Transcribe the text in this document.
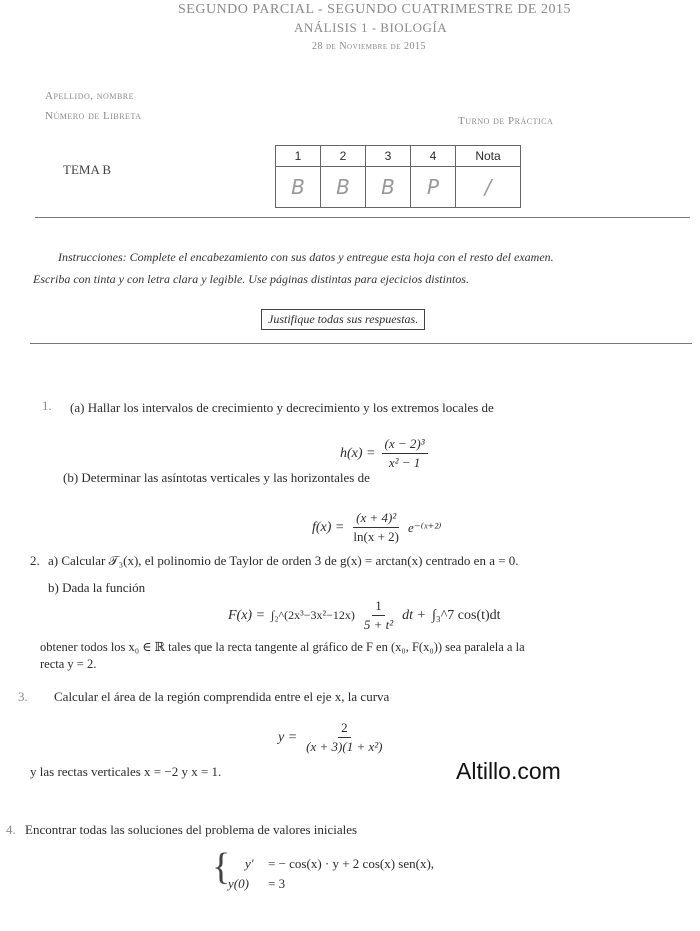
SEGUNDO PARCIAL - SEGUNDO CUATRIMESTRE DE 2015
ANÁLISIS 1 - BIOLOGÍA
28 de Noviembre de 2015
Apellido, nombre
Número de Libreta	Turno de Práctica
TEMA B
1	2	3	4	Nota
B	B	B	P	/
Instrucciones: Complete el encabezamiento con sus datos y entregue esta hoja con el resto del examen.
Escriba con tinta y con letra clara y legible. Use páginas distintas para ejecicios distintos.
Justifique todas sus respuestas.
1. (a) Hallar los intervalos de crecimiento y decrecimiento y los extremos locales de
$h(x) = \frac{\text{(x − 2)³}}{\text{x² − 1}}$
(b) Determinar las asíntotas verticales y las horizontales de
$f(x) = \frac{\text{(x + 4)²}}{\ln(x + 2)}$ e⁻⁽ˣ⁺²⁾
2. a) Calcular 𝒯₃(x), el polinomio de Taylor de orden 3 de g(x) = arctan(x) centrado en a = 0.
b) Dada la función
F(x) = ∫₂^(2x³−3x²−12x) $\frac{1}{\text{5 + t²}}$ dt + ∫₃^7 cos(t)dt
obtener todos los x₀ ∈ ℝ tales que la recta tangente al gráfico de F en (x₀, F(x₀)) sea paralela a la
recta y = 2.
3. Calcular el área de la región comprendida entre el eje x, la curva
$y = \frac{2}{\text{(x + 3)(1 + x²)}}$
y las rectas verticales x = −2 y x = 1.	Altillo.com
4. Encontrar todas las soluciones del problema de valores iniciales
{ y′ = − cos(x) · y + 2 cos(x) sen(x),
y(0) = 3
